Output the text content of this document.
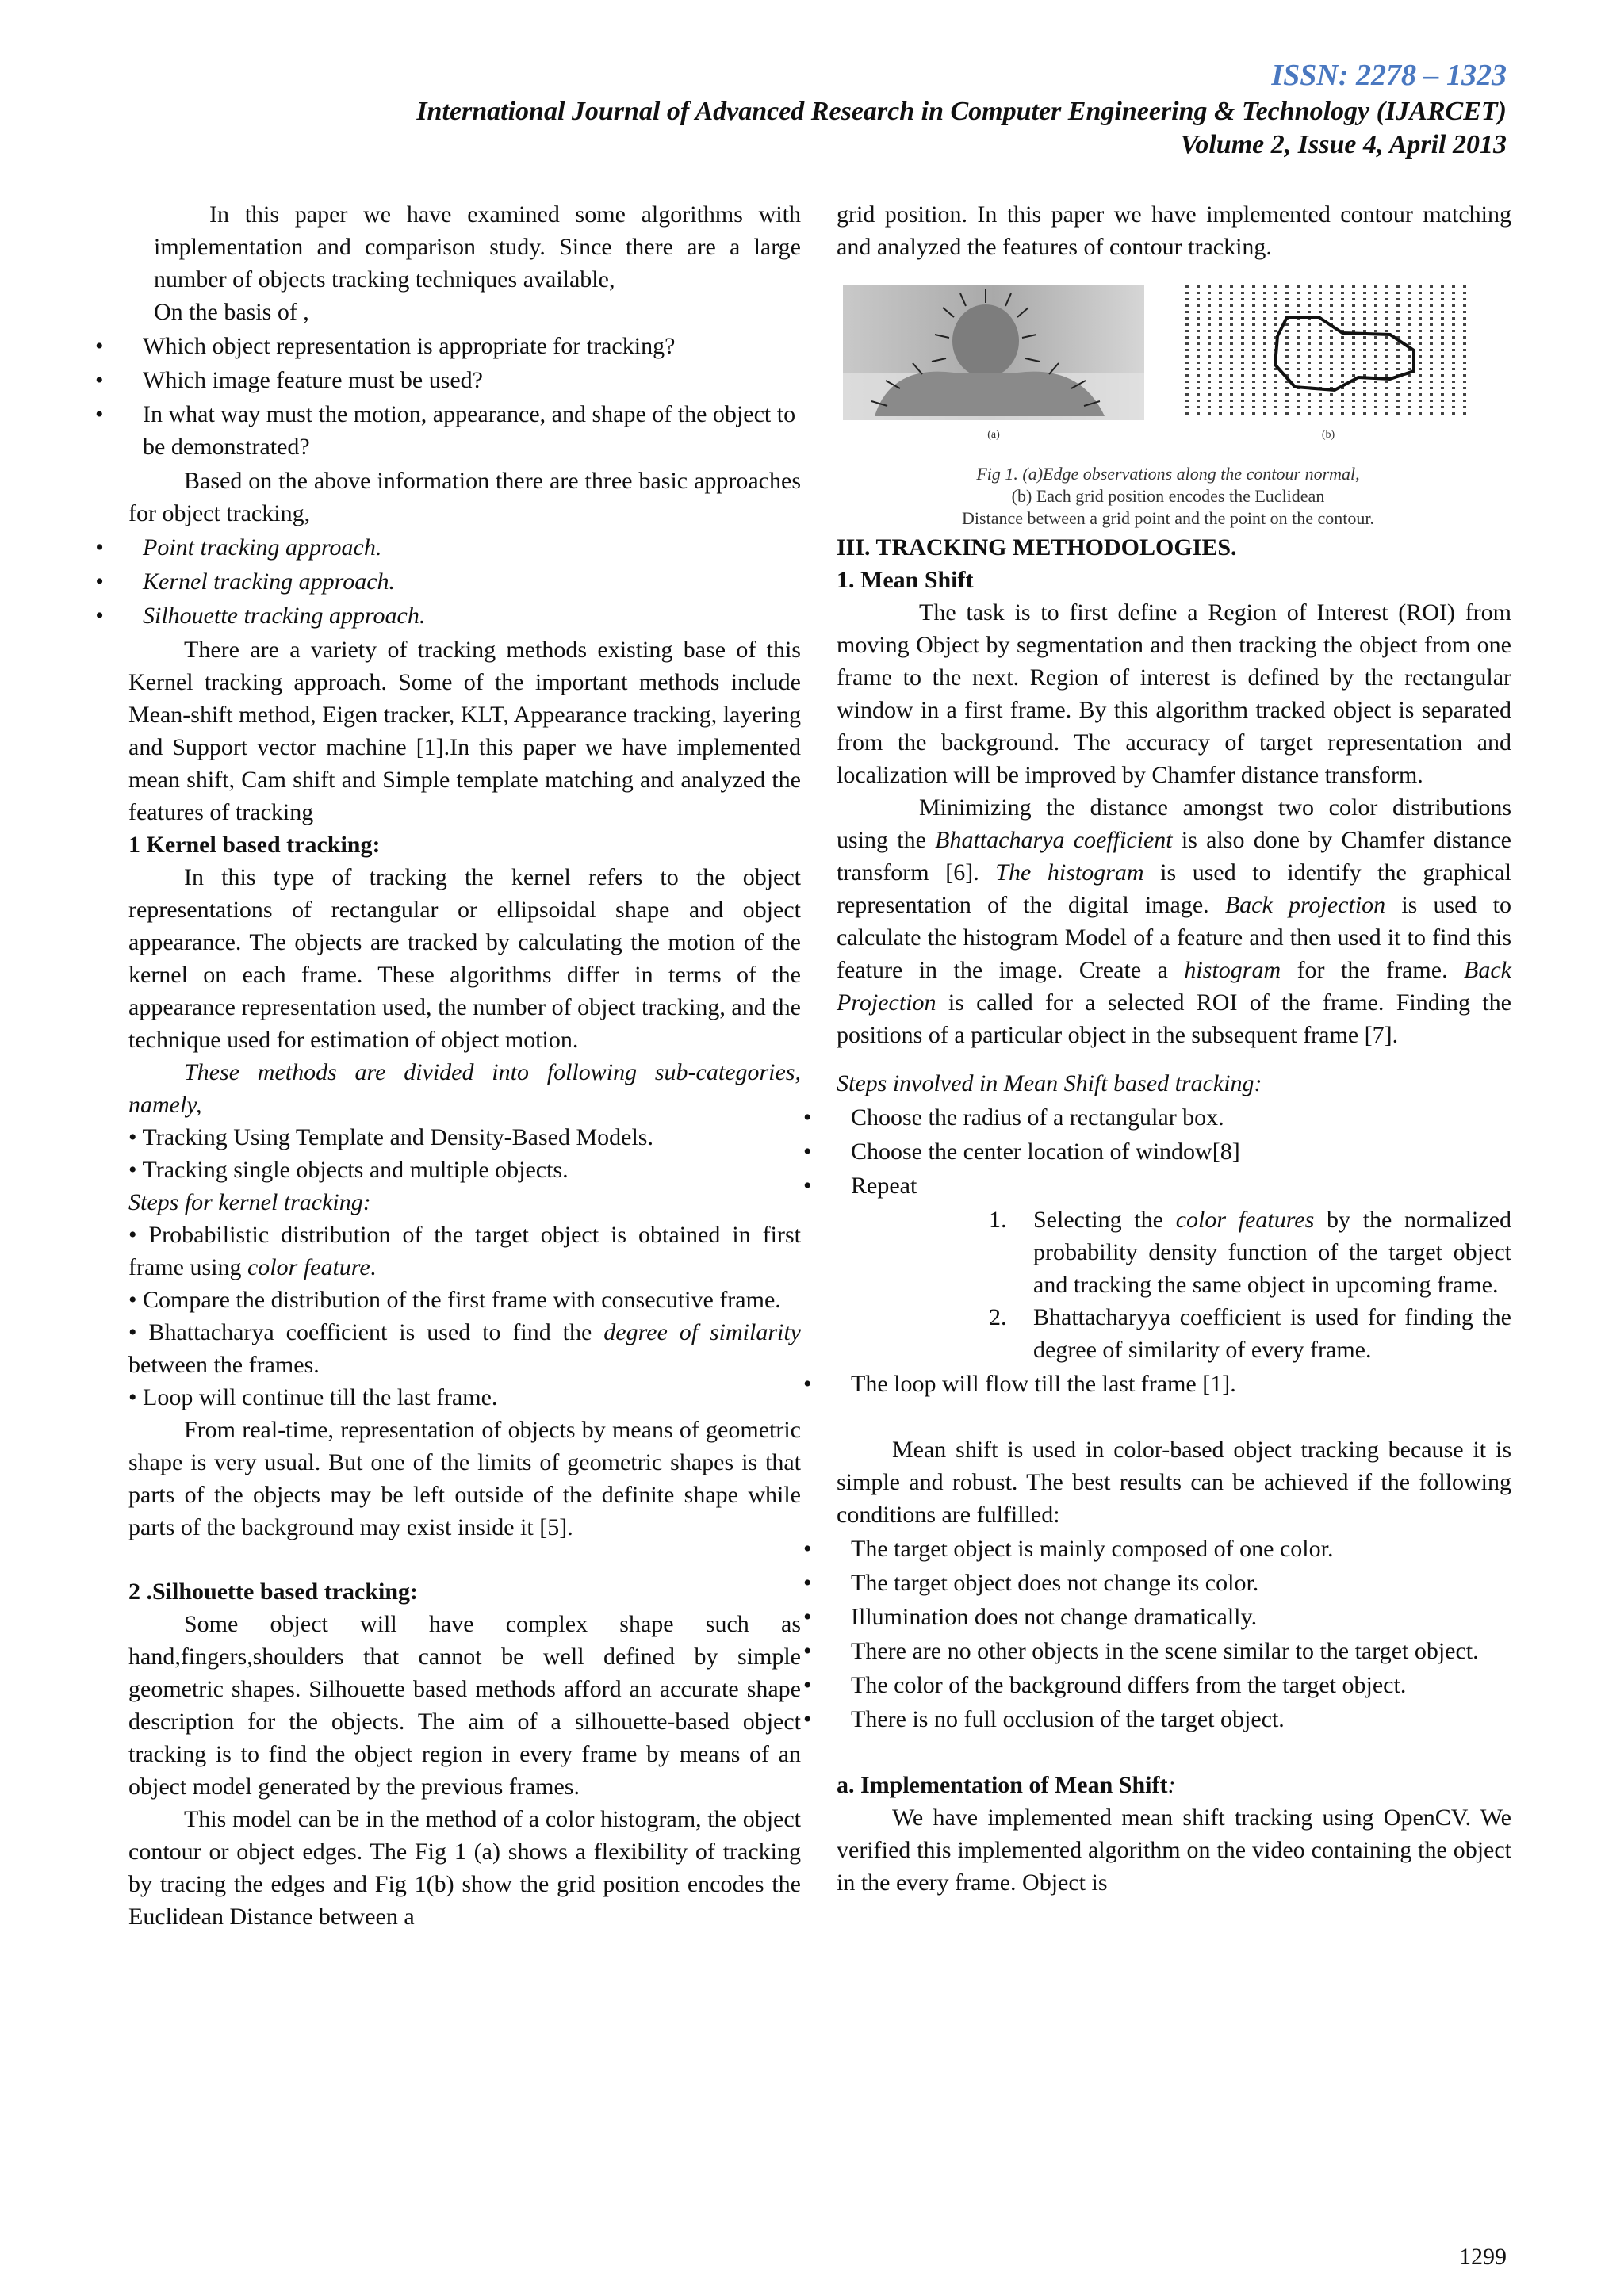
ISSN: 2278 – 1323
International Journal of Advanced Research in Computer Engineering & Technology (IJARCET)
Volume 2, Issue 4, April 2013

In this paper we have examined some algorithms with implementation and comparison study. Since there are a large number of objects tracking techniques available,

On the basis of ,

•	Which object representation is appropriate for tracking?
•	Which image feature must be used?
•	In what way must the motion, appearance, and shape of the object to be demonstrated?

Based on the above information there are three basic approaches for object tracking,

•	Point tracking approach.
•	Kernel tracking approach.
•	Silhouette tracking approach.

There are a variety of tracking methods existing base of this Kernel tracking approach. Some of the important methods include Mean-shift method, Eigen tracker, KLT, Appearance tracking, layering and Support vector machine [1].In this paper we have implemented mean shift, Cam shift and Simple template matching and analyzed the features of tracking

1 Kernel based tracking:

In this type of tracking the kernel refers to the object representations of rectangular or ellipsoidal shape and object appearance. The objects are tracked by calculating the motion of the kernel on each frame. These algorithms differ in terms of the appearance representation used, the number of object tracking, and the technique used for estimation of object motion.

These methods are divided into following sub-categories, namely,

• Tracking Using Template and Density-Based Models.

• Tracking single objects and multiple objects.

Steps for kernel tracking:

• Probabilistic distribution of the target object is obtained in first frame using color feature.

• Compare the distribution of the first frame with consecutive frame.

• Bhattacharya coefficient is used to find the degree of similarity between the frames.

• Loop will continue till the last frame.

From real-time, representation of objects by means of geometric shape is very usual. But one of the limits of geometric shapes is that parts of the objects may be left outside of the definite shape while parts of the background may exist inside it [5].

2 .Silhouette based tracking:

Some object will have complex shape such as hand,fingers,shoulders that cannot be well defined by simple geometric shapes. Silhouette based methods afford an accurate shape description for the objects. The aim of a silhouette-based object tracking is to find the object region in every frame by means of an object model generated by the previous frames.

This model can be in the method of a color histogram, the object contour or object edges. The Fig 1 (a) shows a flexibility of tracking by tracing the edges and Fig 1(b) show the grid position encodes the Euclidean Distance between a

grid position. In this paper we have implemented contour matching and analyzed the features of contour tracking.

(a)	(b)
Fig 1. (a)Edge observations along the contour normal,
(b) Each grid position encodes the Euclidean
Distance between a grid point and the point on the contour.

III. TRACKING METHODOLOGIES.

1. Mean Shift

The task is to first define a Region of Interest (ROI) from moving Object by segmentation and then tracking the object from one frame to the next. Region of interest is defined by the rectangular window in a first frame. By this algorithm tracked object is separated from the background. The accuracy of target representation and localization will be improved by Chamfer distance transform.

Minimizing the distance amongst two color distributions using the Bhattacharya coefficient is also done by Chamfer distance transform [6]. The histogram is used to identify the graphical representation of the digital image. Back projection is used to calculate the histogram Model of a feature and then used it to find this feature in the image. Create a histogram for the frame. Back Projection is called for a selected ROI of the frame. Finding the positions of a particular object in the subsequent frame [7].

Steps involved in Mean Shift based tracking:

•	Choose the radius of a rectangular box.
•	Choose the center location of window[8]
•	Repeat
1. Selecting the color features by the normalized probability density function of the target object and tracking the same object in upcoming frame.
2. Bhattacharyya coefficient is used for finding the degree of similarity of every frame.
•	The loop will flow till the last frame [1].

Mean shift is used in color-based object tracking because it is simple and robust. The best results can be achieved if the following conditions are fulfilled:

•	The target object is mainly composed of one color.
•	The target object does not change its color.
•	Illumination does not change dramatically.
•	There are no other objects in the scene similar to the target object.
•	The color of the background differs from the target object.
•	There is no full occlusion of the target object.

a. Implementation of Mean Shift:

We have implemented mean shift tracking using OpenCV. We verified this implemented algorithm on the video containing the object in the every frame. Object is

1299
